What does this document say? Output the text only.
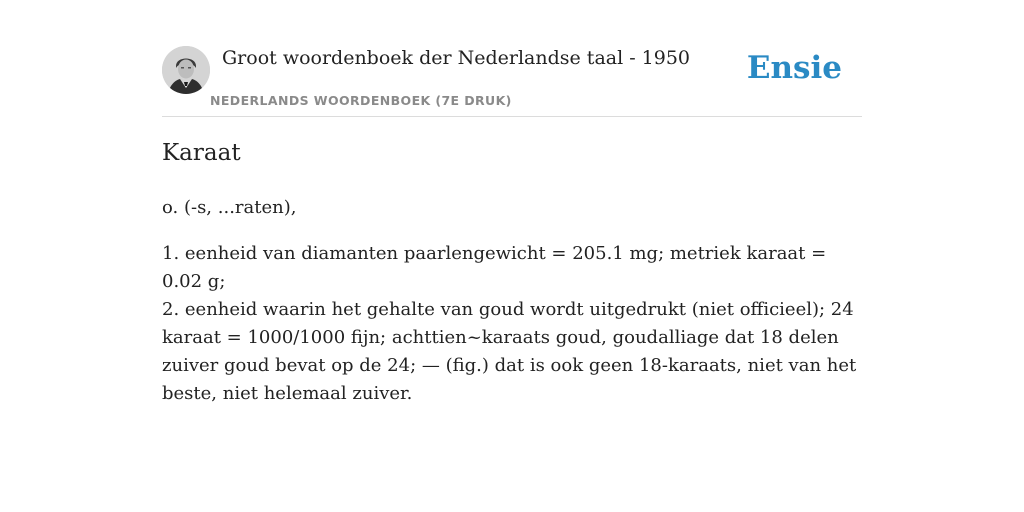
Groot woordenboek der Nederlandse taal - 1950
NEDERLANDS WOORDENBOEK (7E DRUK)
Ensie
Karaat

o. (-s, ...raten),

1. eenheid van diamanten paarlengewicht = 205.1 mg; metriek karaat = 0.02 g;
2. eenheid waarin het gehalte van goud wordt uitgedrukt (niet officieel); 24 karaat = 1000/1000 fijn; achttien~karaats goud, goudalliage dat 18 delen zuiver goud bevat op de 24; — (fig.) dat is ook geen 18-karaats, niet van het beste, niet helemaal zuiver.
